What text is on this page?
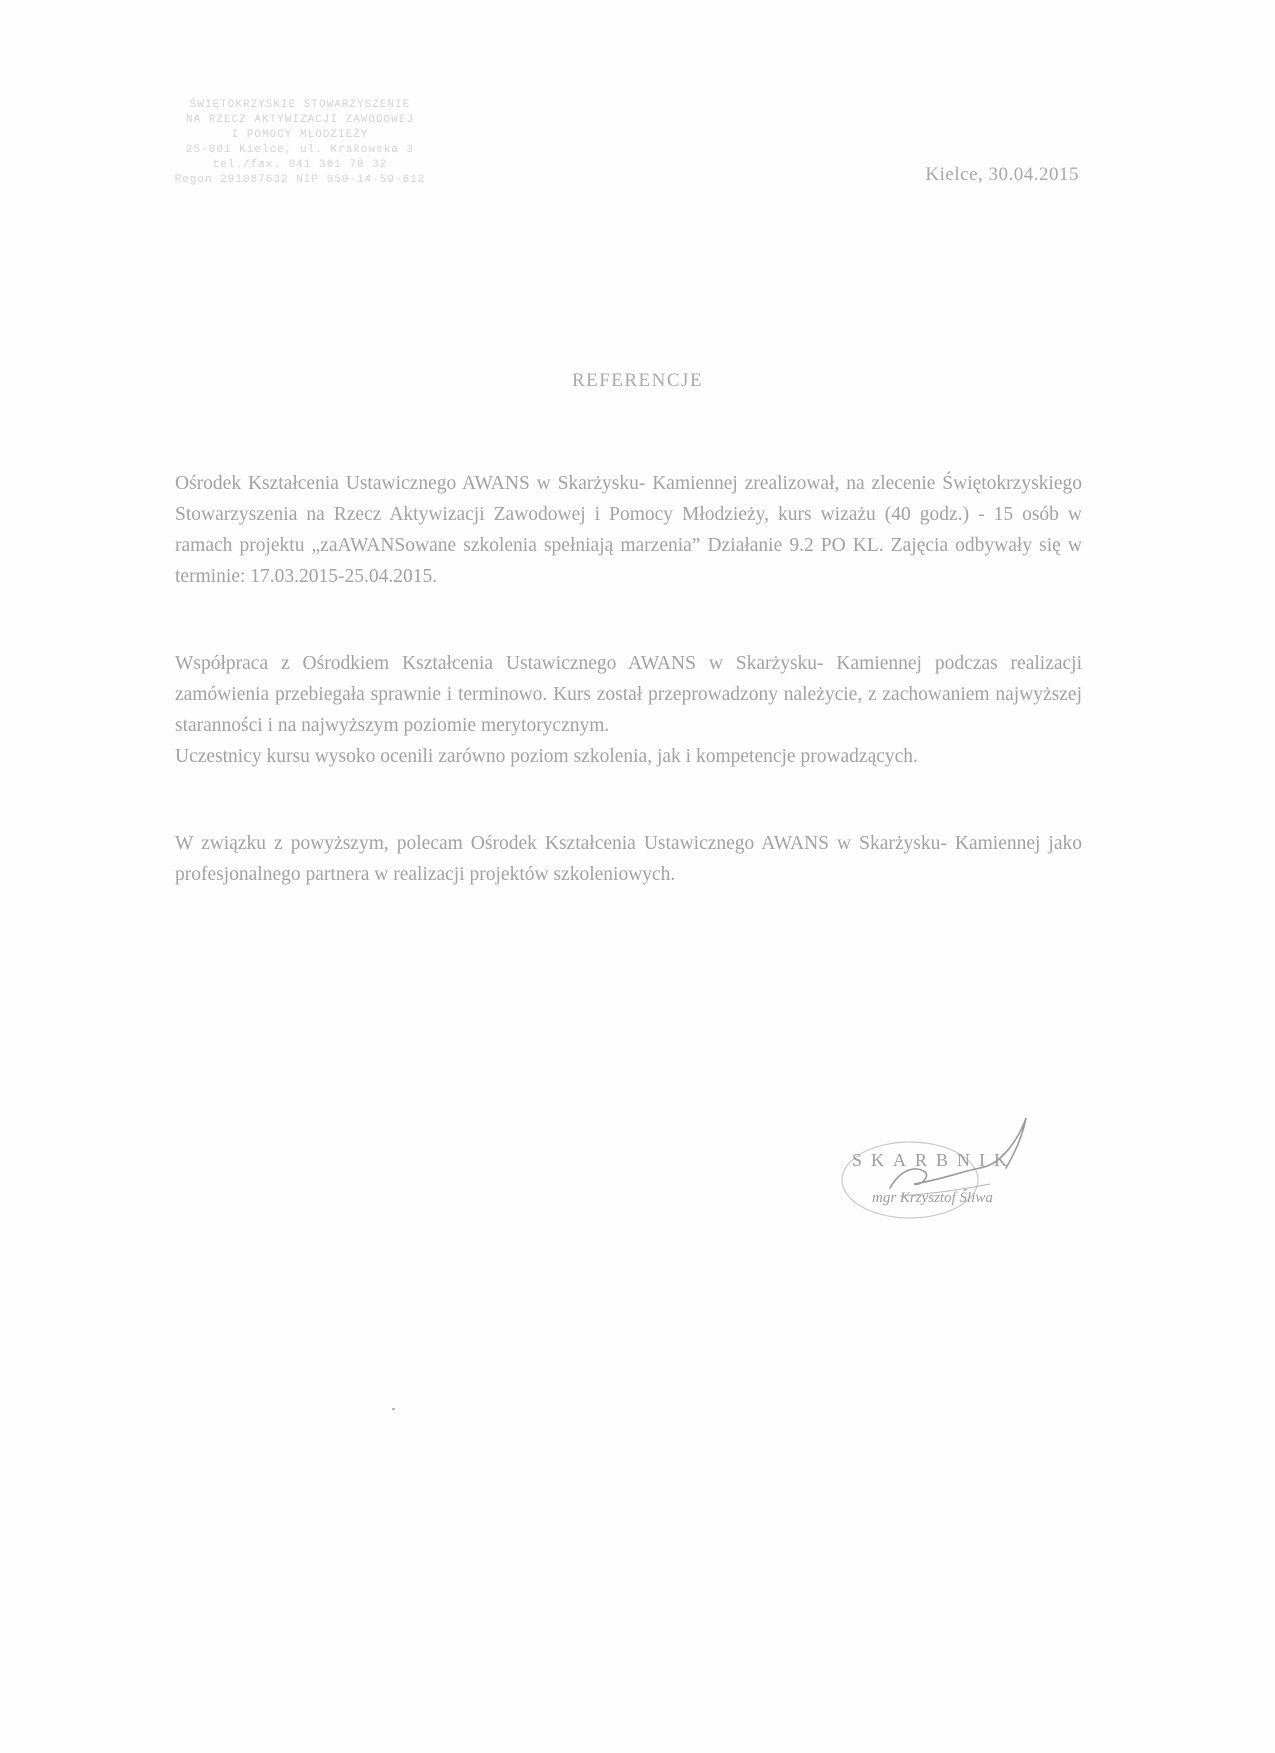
ŚWIĘTOKRZYSKIE STOWARZYSZENIE
NA RZECZ AKTYWIZACJI ZAWODOWEJ
I POMOCY MŁODZIEŻY
25-001 Kielce, ul. Krakowska 3
tel./fax. 041 361 70 32
Regon 291087632 NIP 959-14-59-612	Kielce, 30.04.2015
REFERENCJE

Ośrodek Kształcenia Ustawicznego AWANS w Skarżysku- Kamiennej zrealizował, na zlecenie Świętokrzyskiego Stowarzyszenia na Rzecz Aktywizacji Zawodowej i Pomocy Młodzieży, kurs wizażu (40 godz.) - 15 osób w ramach projektu „zaAWANSowane szkolenia spełniają marzenia” Działanie 9.2 PO KL. Zajęcia odbywały się w terminie: 17.03.2015-25.04.2015.

Współpraca z Ośrodkiem Kształcenia Ustawicznego AWANS w Skarżysku- Kamiennej podczas realizacji zamówienia przebiegała sprawnie i terminowo. Kurs został przeprowadzony należycie, z zachowaniem najwyższej staranności i na najwyższym poziomie merytorycznym.

Uczestnicy kursu wysoko ocenili zarówno poziom szkolenia, jak i kompetencje prowadzących.

W związku z powyższym, polecam Ośrodek Kształcenia Ustawicznego AWANS w Skarżysku- Kamiennej jako profesjonalnego partnera w realizacji projektów szkoleniowych.

SKARBNIK
mgr Krzysztof Śliwa
